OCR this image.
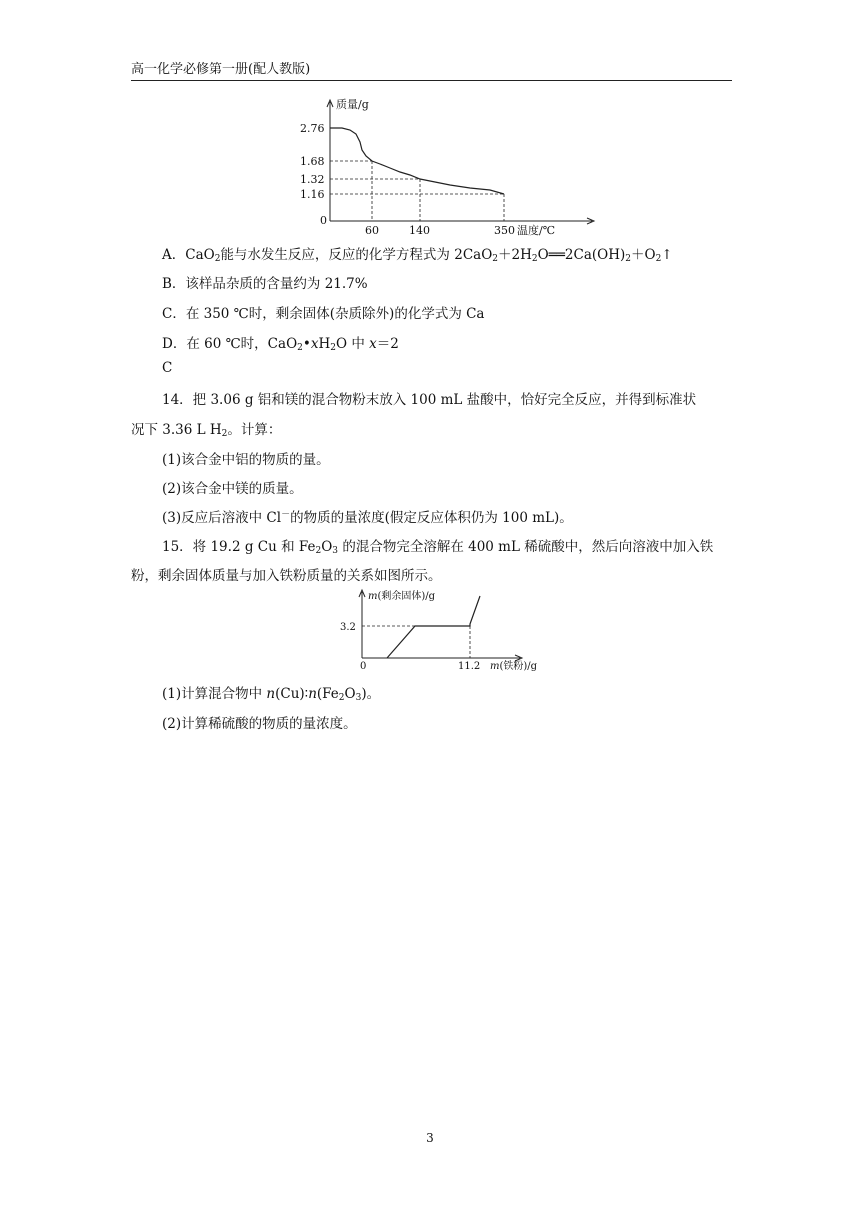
高一化学必修第一册(配人教版)
质量/g
2.76
1.68
1.32
1.16
0
60	140	350 温度/℃
A．CaO$_2$能与水发生反应，反应的化学方程式为 $2CaO_2+2H_2O══2Ca(OH)_2+O_2↑$
B．该样品杂质的含量约为 21.7%
C．在 350 ℃时，剩余固体(杂质除外)的化学式为 Ca
D．在 60 ℃时，$CaO_2•xH_2O$ 中 x＝2
C
14．把 3.06 g 铝和镁的混合物粉末放入 100 mL 盐酸中，恰好完全反应，并得到标准状
况下 3.36 L $H_2$。计算：
(1)该合金中铝的物质的量。
(2)该合金中镁的质量。
(3)反应后溶液中 Cl－的物质的量浓度(假定反应体积仍为 100 mL)。
15．将 19.2 g Cu 和 $Fe_2O_3$ 的混合物完全溶解在 400 mL 稀硫酸中，然后向溶液中加入铁
粉，剩余固体质量与加入铁粉质量的关系如图所示。
m(剩余固体)/g
3.2
0	11.2 m(铁粉)/g
(1)计算混合物中 $n(Cu)∶n(Fe_2O_3)$。
(2)计算稀硫酸的物质的量浓度。
3
